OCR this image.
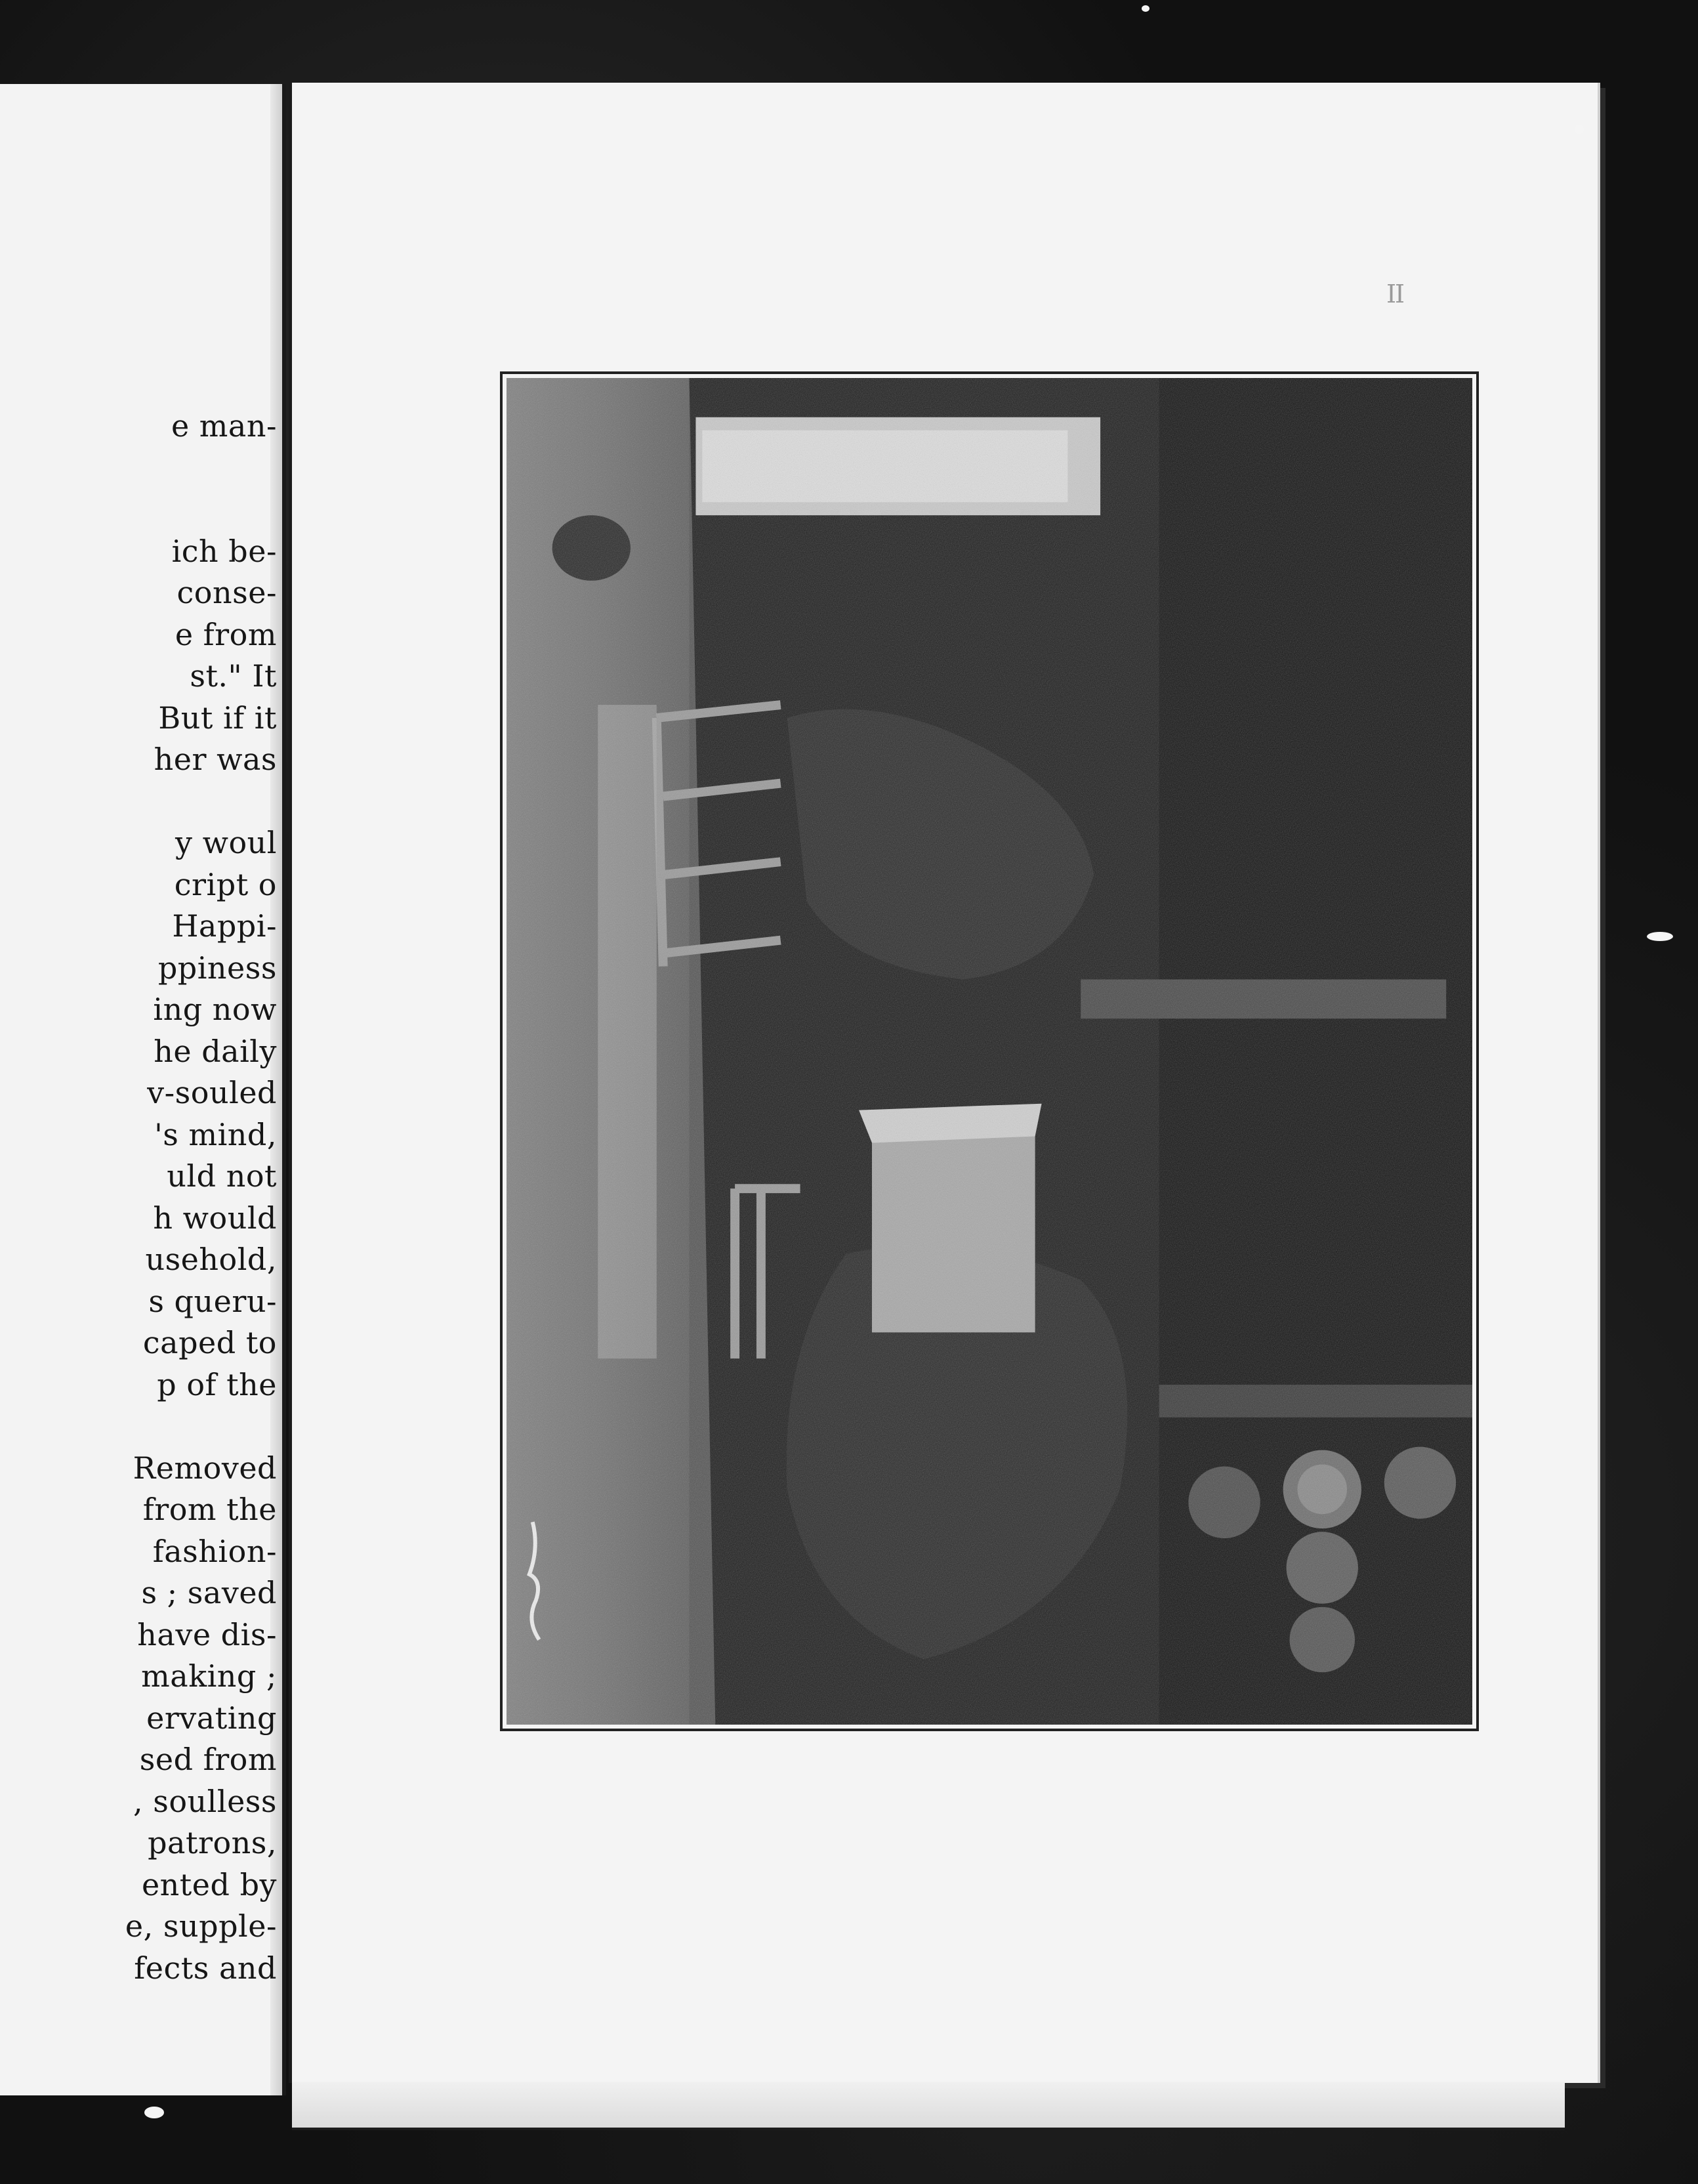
e man-

ich be-
conse-
e from
st." It
But if it
her was

y woul
cript o
Happi-
ppiness
ing now
he daily
v-souled
's mind,
uld not
h would
usehold,
s queru-
caped to
p of the

Removed
from the
fashion-
s ; saved
have dis-
making ;
ervating
sed from
, soulless
patrons,
ented by
e, supple-
fects and
II
